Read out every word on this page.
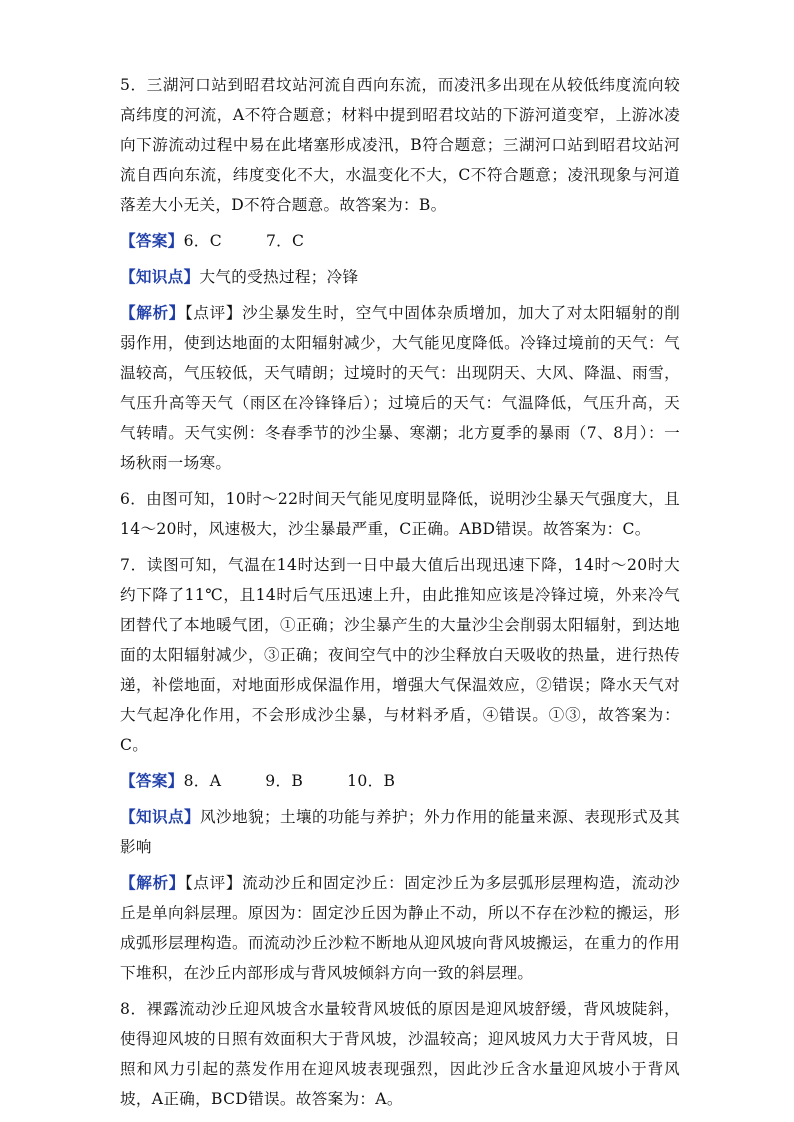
5．三湖河口站到昭君坟站河流自西向东流，而凌汛多出现在从较低纬度流向较高纬度的河流，A不符合题意；材料中提到昭君坟站的下游河道变窄，上游冰凌向下游流动过程中易在此堵塞形成凌汛，B符合题意；三湖河口站到昭君坟站河流自西向东流，纬度变化不大，水温变化不大，C不符合题意；凌汛现象与河道落差大小无关，D不符合题意。故答案为：B。

【答案】6．C	7．C

【知识点】大气的受热过程；冷锋

【解析】【点评】沙尘暴发生时，空气中固体杂质增加，加大了对太阳辐射的削弱作用，使到达地面的太阳辐射减少，大气能见度降低。冷锋过境前的天气：气温较高，气压较低，天气晴朗；过境时的天气：出现阴天、大风、降温、雨雪，气压升高等天气（雨区在冷锋锋后）；过境后的天气：气温降低，气压升高，天气转晴。天气实例：冬春季节的沙尘暴、寒潮；北方夏季的暴雨（7、8月）：一场秋雨一场寒。

6．由图可知，10时～22时间天气能见度明显降低，说明沙尘暴天气强度大，且14～20时，风速极大，沙尘暴最严重，C正确。ABD错误。故答案为：C。

7．读图可知，气温在14时达到一日中最大值后出现迅速下降，14时～20时大约下降了11℃，且14时后气压迅速上升，由此推知应该是冷锋过境，外来冷气团替代了本地暖气团，①正确；沙尘暴产生的大量沙尘会削弱太阳辐射，到达地面的太阳辐射减少，③正确；夜间空气中的沙尘释放白天吸收的热量，进行热传递，补偿地面，对地面形成保温作用，增强大气保温效应，②错误；降水天气对大气起净化作用，不会形成沙尘暴，与材料矛盾，④错误。①③，故答案为：C。

【答案】8．A	9．B	10．B

【知识点】风沙地貌；土壤的功能与养护；外力作用的能量来源、表现形式及其影响

【解析】【点评】流动沙丘和固定沙丘：固定沙丘为多层弧形层理构造，流动沙丘是单向斜层理。原因为：固定沙丘因为静止不动，所以不存在沙粒的搬运，形成弧形层理构造。而流动沙丘沙粒不断地从迎风坡向背风坡搬运，在重力的作用下堆积，在沙丘内部形成与背风坡倾斜方向一致的斜层理。

8．裸露流动沙丘迎风坡含水量较背风坡低的原因是迎风坡舒缓，背风坡陡斜，使得迎风坡的日照有效面积大于背风坡，沙温较高；迎风坡风力大于背风坡，日照和风力引起的蒸发作用在迎风坡表现强烈，因此沙丘含水量迎风坡小于背风坡，A正确，BCD错误。故答案为：A。
